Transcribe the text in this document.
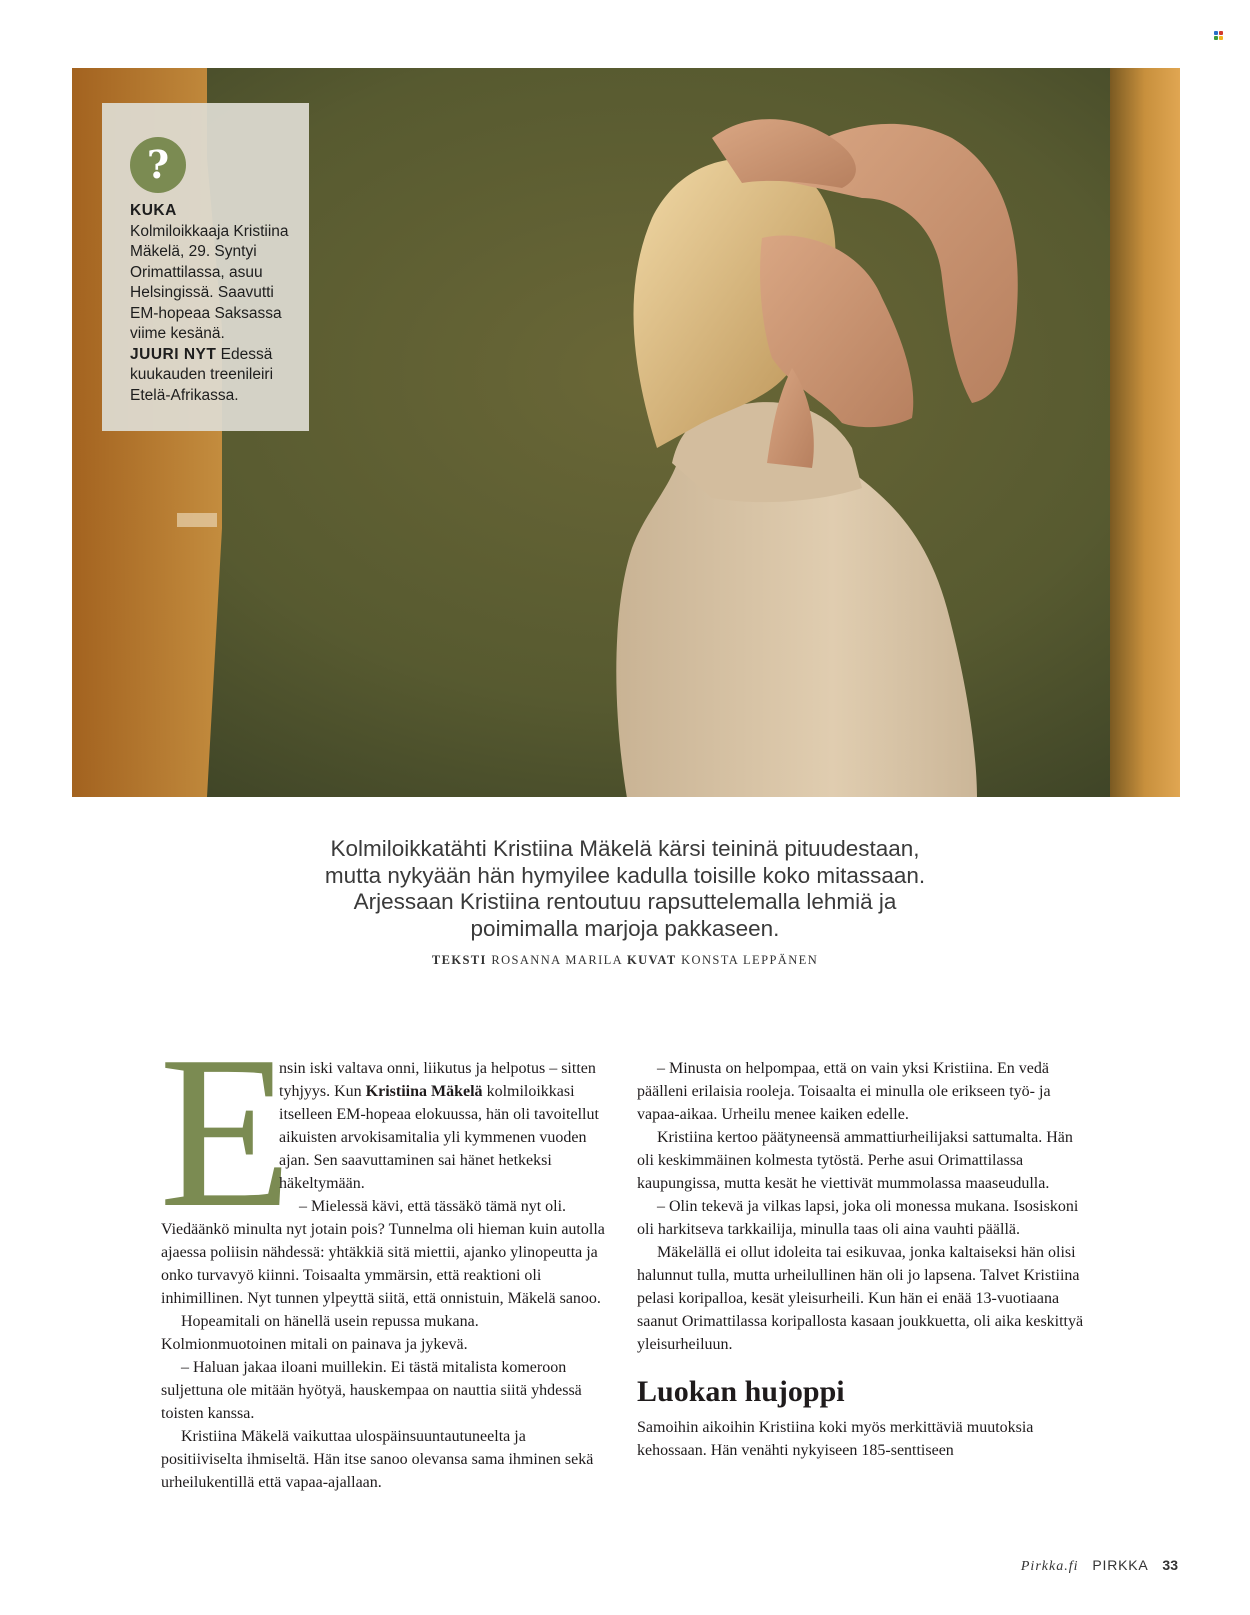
?

KUKA
Kolmiloikkaaja Kristiina Mäkelä, 29. Syntyi Orimattilassa, asuu Helsingissä. Saavutti EM-hopeaa Saksassa viime kesänä.
JUURI NYT Edessä kuukauden treenileiri Etelä-Afrikassa.

Kolmiloikkatähti Kristiina Mäkelä kärsi teininä pituudestaan, mutta nykyään hän hymyilee kadulla toisille koko mitassaan. Arjessaan Kristiina rentoutuu rapsuttelemalla lehmiä ja poimimalla marjoja pakkaseen.
TEKSTI ROSANNA MARILA KUVAT KONSTA LEPPÄNEN

E
nsin iski valtava onni, liikutus ja helpotus – sitten tyhjyys. Kun Kristiina Mäkelä kolmiloikkasi itselleen EM-hopeaa elokuussa, hän oli tavoitellut aikuisten arvokisamitalia yli kymmenen vuoden ajan. Sen saavuttaminen sai hänet hetkeksi häkeltymään.

– Mielessä kävi, että tässäkö tämä nyt oli. Viedäänkö minulta nyt jotain pois? Tunnelma oli hieman kuin autolla ajaessa poliisin nähdessä: yhtäkkiä sitä miettii, ajanko ylinopeutta ja onko turvavyö kiinni. Toisaalta ymmärsin, että reaktioni oli inhimillinen. Nyt tunnen ylpeyttä siitä, että onnistuin, Mäkelä sanoo.

Hopeamitali on hänellä usein repussa mukana. Kolmionmuotoinen mitali on painava ja jykevä.

– Haluan jakaa iloani muillekin. Ei tästä mitalista komeroon suljettuna ole mitään hyötyä, hauskempaa on nauttia siitä yhdessä toisten kanssa.

Kristiina Mäkelä vaikuttaa ulospäinsuuntautuneelta ja positiiviselta ihmiseltä. Hän itse sanoo olevansa sama ihminen sekä urheilukentillä että vapaa-ajallaan.

– Minusta on helpompaa, että on vain yksi Kristiina. En vedä päälleni erilaisia rooleja. Toisaalta ei minulla ole erikseen työ- ja vapaa-aikaa. Urheilu menee kaiken edelle.

Kristiina kertoo päätyneensä ammattiurheilijaksi sattumalta. Hän oli keskimmäinen kolmesta tytöstä. Perhe asui Orimattilassa kaupungissa, mutta kesät he viettivät mummolassa maaseudulla.

– Olin tekevä ja vilkas lapsi, joka oli monessa mukana. Isosiskoni oli harkitseva tarkkailija, minulla taas oli aina vauhti päällä.

Mäkelällä ei ollut idoleita tai esikuvaa, jonka kaltaiseksi hän olisi halunnut tulla, mutta urheilullinen hän oli jo lapsena. Talvet Kristiina pelasi koripalloa, kesät yleisurheili. Kun hän ei enää 13-vuotiaana saanut Orimattilassa koripallosta kasaan joukkuetta, oli aika keskittyä yleisurheiluun.

Luokan hujoppi

Samoihin aikoihin Kristiina koki myös merkittäviä muutoksia kehossaan. Hän venähti nykyiseen 185-senttiseen

Pirkka.fi PIRKKA 33
